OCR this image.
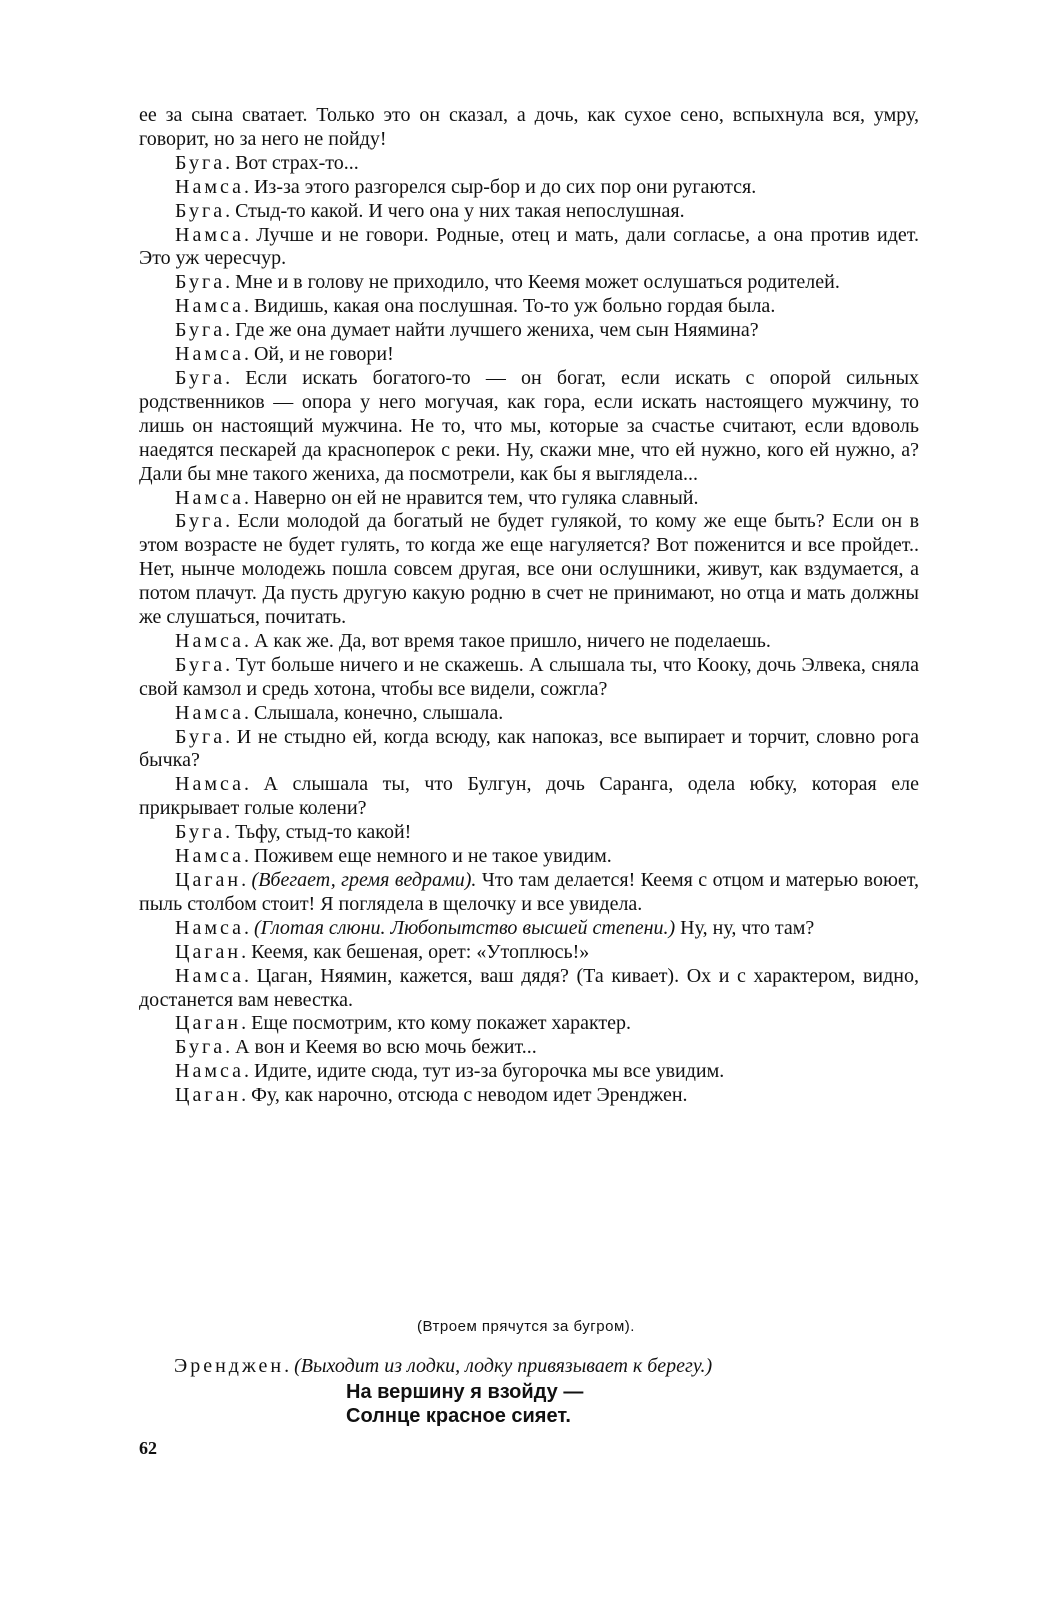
ее за сына сватает. Только это он сказал, а дочь, как сухое сено, вспыхнула вся, умру, говорит, но за него не пойду!

Буга. Вот страх-то...

Намса. Из-за этого разгорелся сыр-бор и до сих пор они ругаются.

Буга. Стыд-то какой. И чего она у них такая непослушная.

Намса. Лучше и не говори. Родные, отец и мать, дали согласье, а она против идет. Это уж чересчур.

Буга. Мне и в голову не приходило, что Кеемя может ослушаться родителей.

Намса. Видишь, какая она послушная. То-то уж больно гордая была.

Буга. Где же она думает найти лучшего жениха, чем сын Няямина?

Намса. Ой, и не говори!

Буга. Если искать богатого-то — он богат, если искать с опорой сильных родственников — опора у него могучая, как гора, если искать настоящего мужчину, то лишь он настоящий мужчина. Не то, что мы, которые за счастье считают, если вдоволь наедятся пескарей да красноперок с реки. Ну, скажи мне, что ей нужно, кого ей нужно, а? Дали бы мне такого жениха, да посмотрели, как бы я выглядела...

Намса. Наверно он ей не нравится тем, что гуляка славный.

Буга. Если молодой да богатый не будет гулякой, то кому же еще быть? Если он в этом возрасте не будет гулять, то когда же еще нагуляется? Вот поженится и все пройдет.. Нет, нынче молодежь пошла совсем другая, все они ослушники, живут, как вздумается, а потом плачут. Да пусть другую какую родню в счет не принимают, но отца и мать должны же слушаться, почитать.

Намса. А как же. Да, вот время такое пришло, ничего не поделаешь.

Буга. Тут больше ничего и не скажешь. А слышала ты, что Кооку, дочь Элвека, сняла свой камзол и средь хотона, чтобы все видели, сожгла?

Намса. Слышала, конечно, слышала.

Буга. И не стыдно ей, когда всюду, как напоказ, все выпирает и торчит, словно рога бычка?

Намса. А слышала ты, что Булгун, дочь Саранга, одела юбку, которая еле прикрывает голые колени?

Буга. Тьфу, стыд-то какой!

Намса. Поживем еще немного и не такое увидим.

Цаган. (Вбегает, гремя ведрами). Что там делается! Кеемя с отцом и матерью воюет, пыль столбом стоит! Я поглядела в щелочку и все увидела.

Намса. (Глотая слюни. Любопытство высшей степени.) Ну, ну, что там?

Цаган. Кеемя, как бешеная, орет: «Утоплюсь!»

Намса. Цаган, Няямин, кажется, ваш дядя? (Та кивает). Ох и с характером, видно, достанется вам невестка.

Цаган. Еще посмотрим, кто кому покажет характер.

Буга. А вон и Кеемя во всю мочь бежит...

Намса. Идите, идите сюда, тут из-за бугорочка мы все увидим.

Цаган. Фу, как нарочно, отсюда с неводом идет Эренджен.

(Втроем прячутся за бугром).
Эренджен. (Выходит из лодки, лодку привязывает к берегу.)
На вершину я взойду —
Солнце красное сияет.
62
